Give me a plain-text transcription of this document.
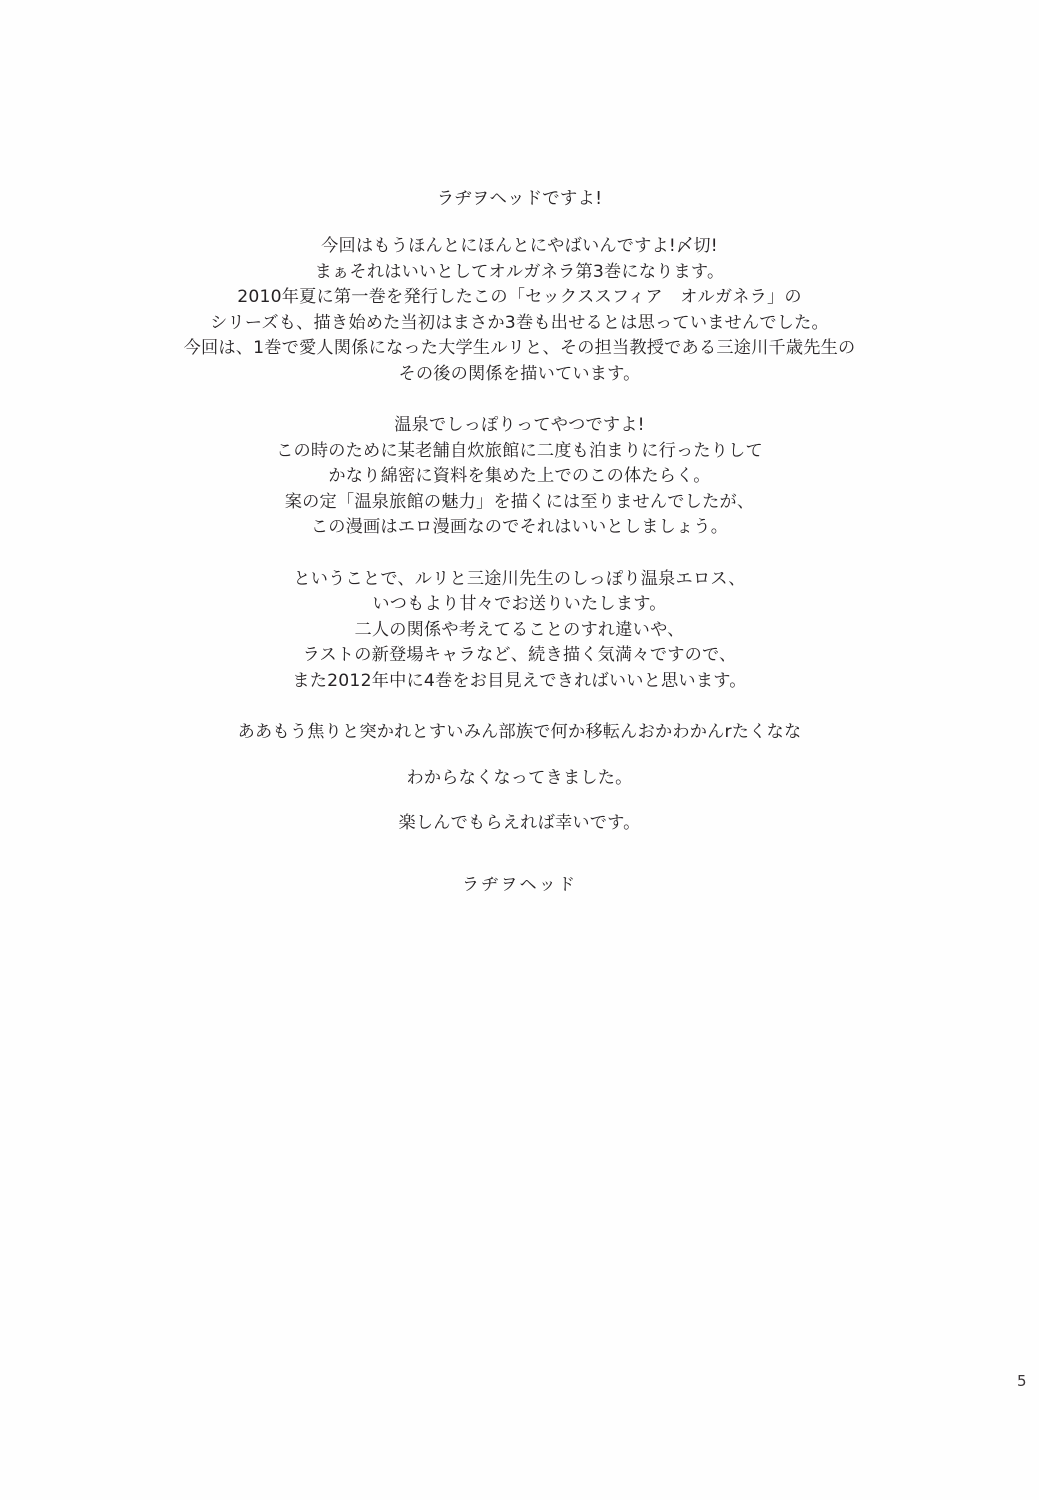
ラヂヲヘッドですよ!
今回はもうほんとにほんとにやばいんですよ!〆切!
まぁそれはいいとしてオルガネラ第3巻になります。
2010年夏に第一巻を発行したこの「セックススフィア　オルガネラ」の
シリーズも、描き始めた当初はまさか3巻も出せるとは思っていませんでした。
今回は、1巻で愛人関係になった大学生ルリと、その担当教授である三途川千歳先生の
その後の関係を描いています。
温泉でしっぽりってやつですよ!
この時のために某老舗自炊旅館に二度も泊まりに行ったりして
かなり綿密に資料を集めた上でのこの体たらく。
案の定「温泉旅館の魅力」を描くには至りませんでしたが、
この漫画はエロ漫画なのでそれはいいとしましょう。
ということで、ルリと三途川先生のしっぽり温泉エロス、
いつもより甘々でお送りいたします。
二人の関係や考えてることのすれ違いや、
ラストの新登場キャラなど、続き描く気満々ですので、
また2012年中に4巻をお目見えできればいいと思います。
ああもう焦りと突かれとすいみん部族で何か移転んおかわかんrたくなな
わからなくなってきました。
楽しんでもらえれば幸いです。
ラヂヲヘッド
5
